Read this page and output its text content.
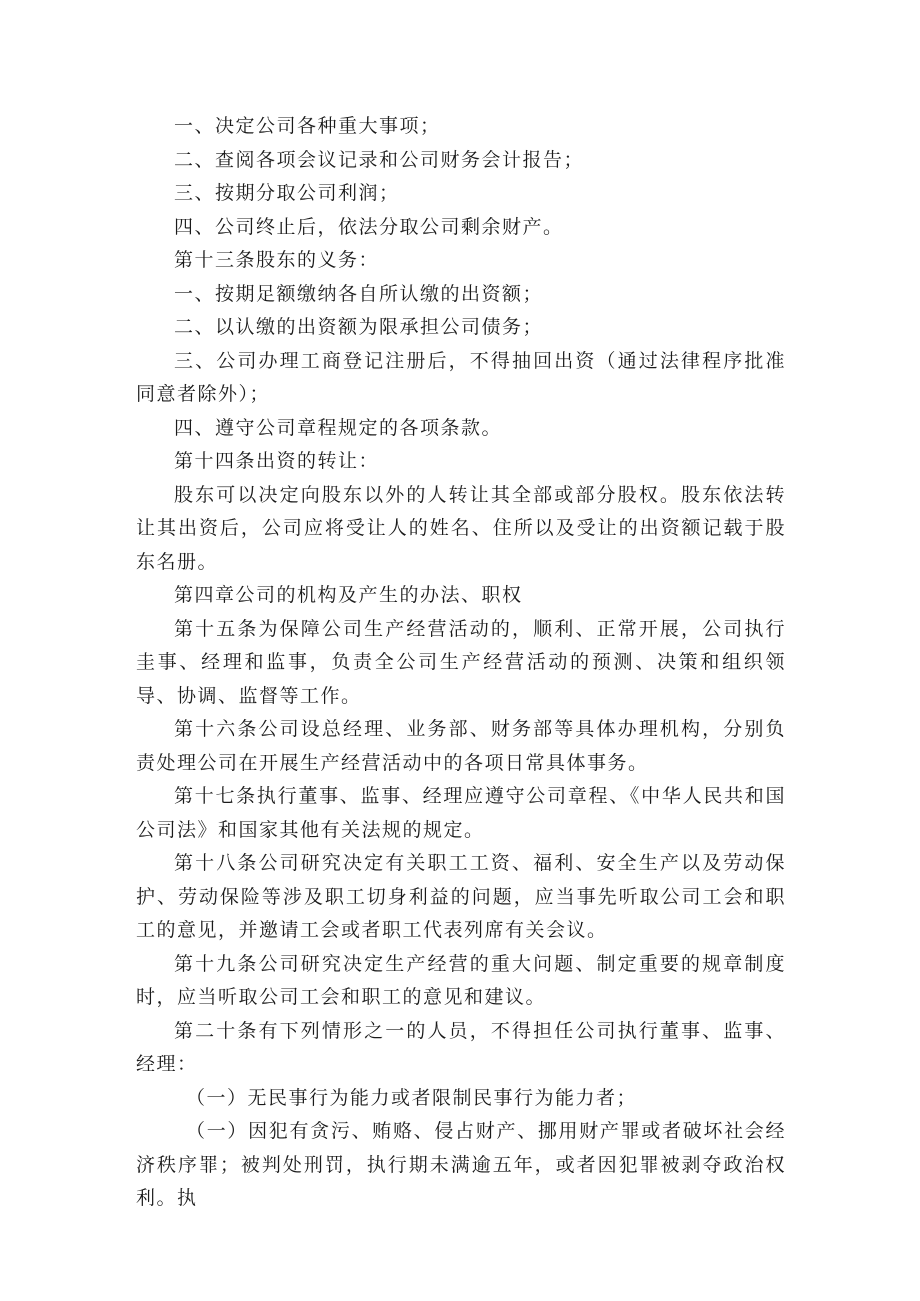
一、决定公司各种重大事项；

二、查阅各项会议记录和公司财务会计报告；

三、按期分取公司利润；

四、公司终止后，依法分取公司剩余财产。

第十三条股东的义务：

一、按期足额缴纳各自所认缴的出资额；

二、以认缴的出资额为限承担公司债务；

三、公司办理工商登记注册后，不得抽回出资（通过法律程序批准同意者除外）；

四、遵守公司章程规定的各项条款。

第十四条出资的转让：

股东可以决定向股东以外的人转让其全部或部分股权。股东依法转让其出资后，公司应将受让人的姓名、住所以及受让的出资额记载于股东名册。

第四章公司的机构及产生的办法、职权

第十五条为保障公司生产经营活动的，顺利、正常开展，公司执行圭事、经理和监事，负责全公司生产经营活动的预测、决策和组织领导、协调、监督等工作。

第十六条公司设总经理、业务部、财务部等具体办理机构，分别负责处理公司在开展生产经营活动中的各项日常具体事务。

第十七条执行董事、监事、经理应遵守公司章程、《中华人民共和国公司法》和国家其他有关法规的规定。

第十八条公司研究决定有关职工工资、福利、安全生产以及劳动保护、劳动保险等涉及职工切身利益的问题，应当事先听取公司工会和职工的意见，并邀请工会或者职工代表列席有关会议。

第十九条公司研究决定生产经营的重大问题、制定重要的规章制度时，应当听取公司工会和职工的意见和建议。

第二十条有下列情形之一的人员，不得担任公司执行董事、监事、经理：

（一）无民事行为能力或者限制民事行为能力者；

（一）因犯有贪污、贿赂、侵占财产、挪用财产罪或者破坏社会经济秩序罪；被判处刑罚，执行期未满逾五年，或者因犯罪被剥夺政治权利。执
